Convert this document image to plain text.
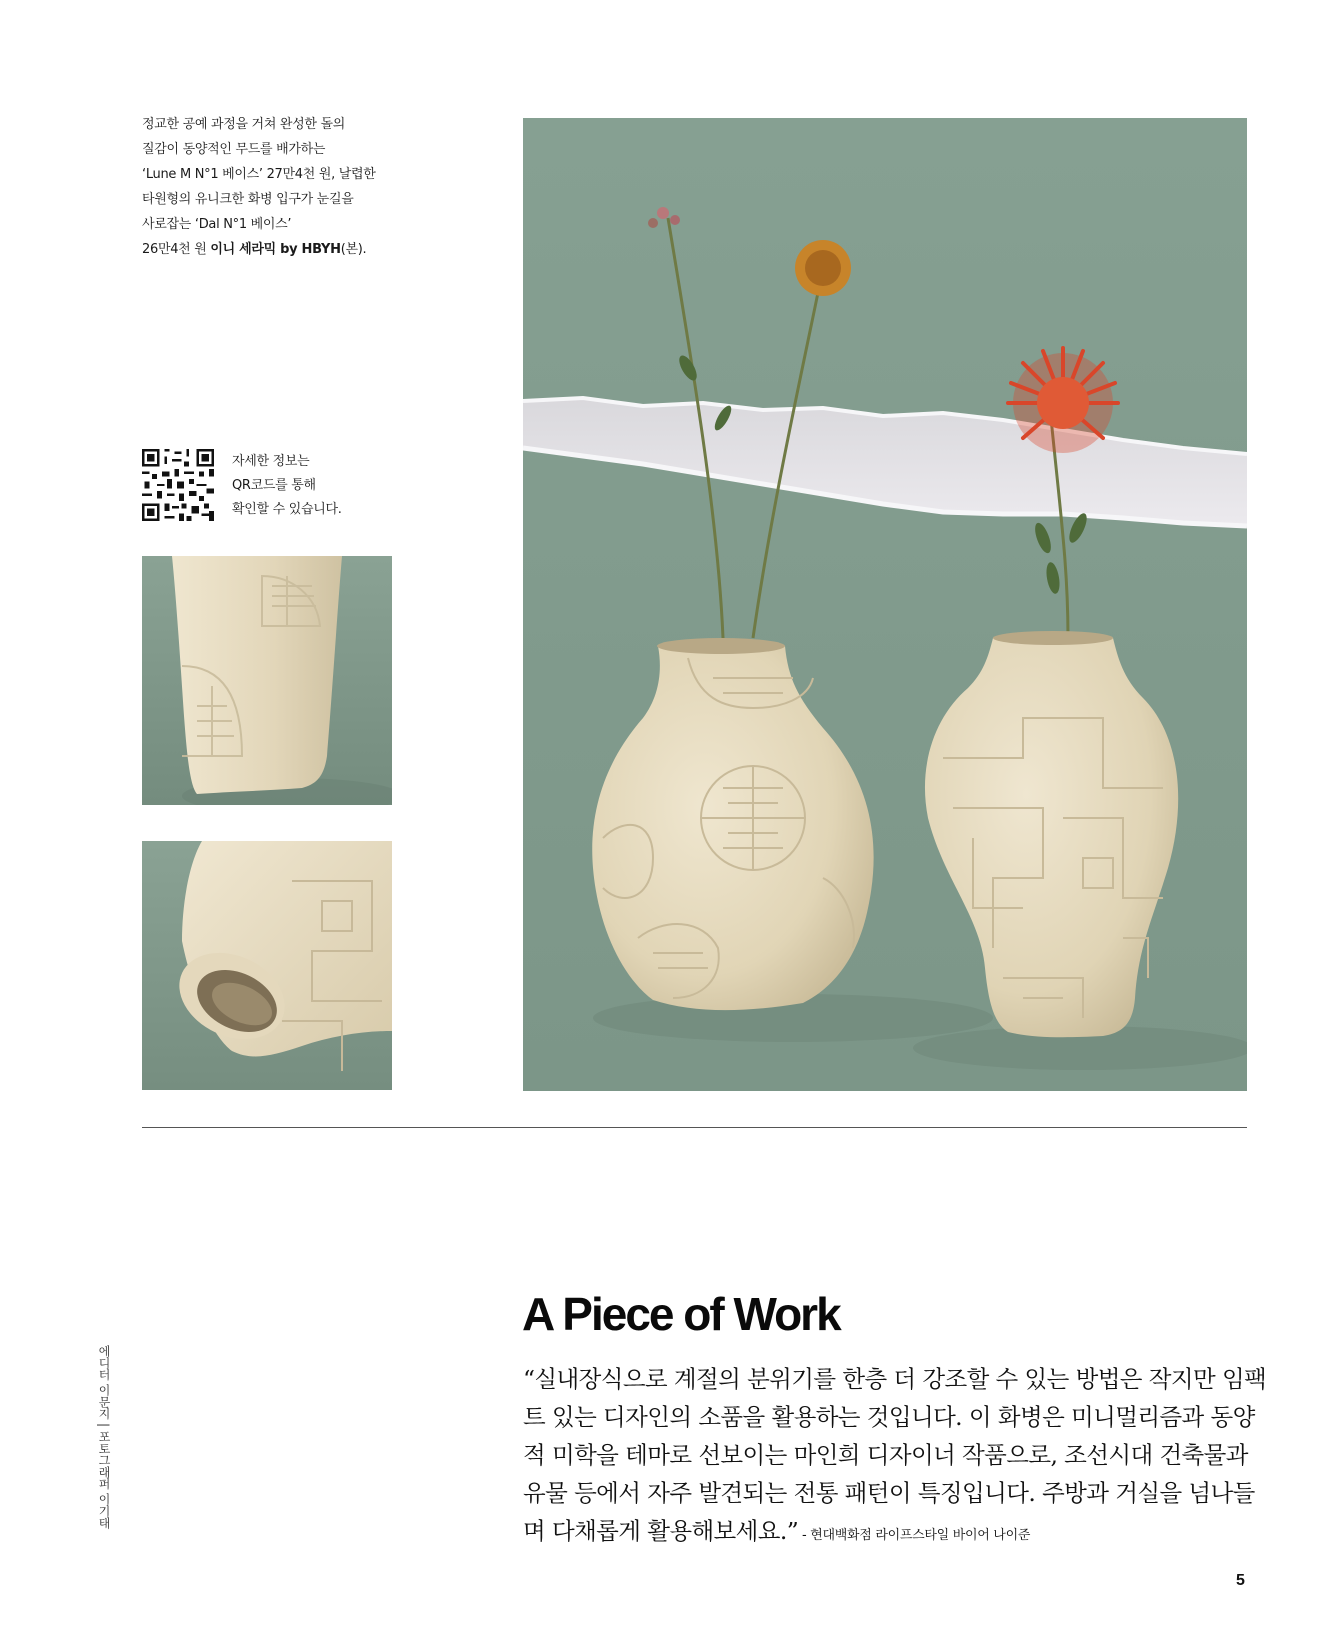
정교한 공예 과정을 거쳐 완성한 돌의
질감이 동양적인 무드를 배가하는
‘Lune M N°1 베이스’ 27만4천 원, 날렵한
타원형의 유니크한 화병 입구가 눈길을
사로잡는 ‘Dal N°1 베이스’
26만4천 원 이니 세라믹 by HBYH(본).
자세한 정보는
QR코드를 통해
확인할 수 있습니다.
A Piece of Work
“실내장식으로 계절의 분위기를 한층 더 강조할 수 있는 방법은 작지만 임팩
트 있는 디자인의 소품을 활용하는 것입니다. 이 화병은 미니멀리즘과 동양
적 미학을 테마로 선보이는 마인희 디자이너 작품으로, 조선시대 건축물과
유물 등에서 자주 발견되는 전통 패턴이 특징입니다. 주방과 거실을 넘나들
며 다채롭게 활용해보세요.” - 현대백화점 라이프스타일 바이어 나이준
에디터 이문지 | 포토그래퍼 이기태
5
